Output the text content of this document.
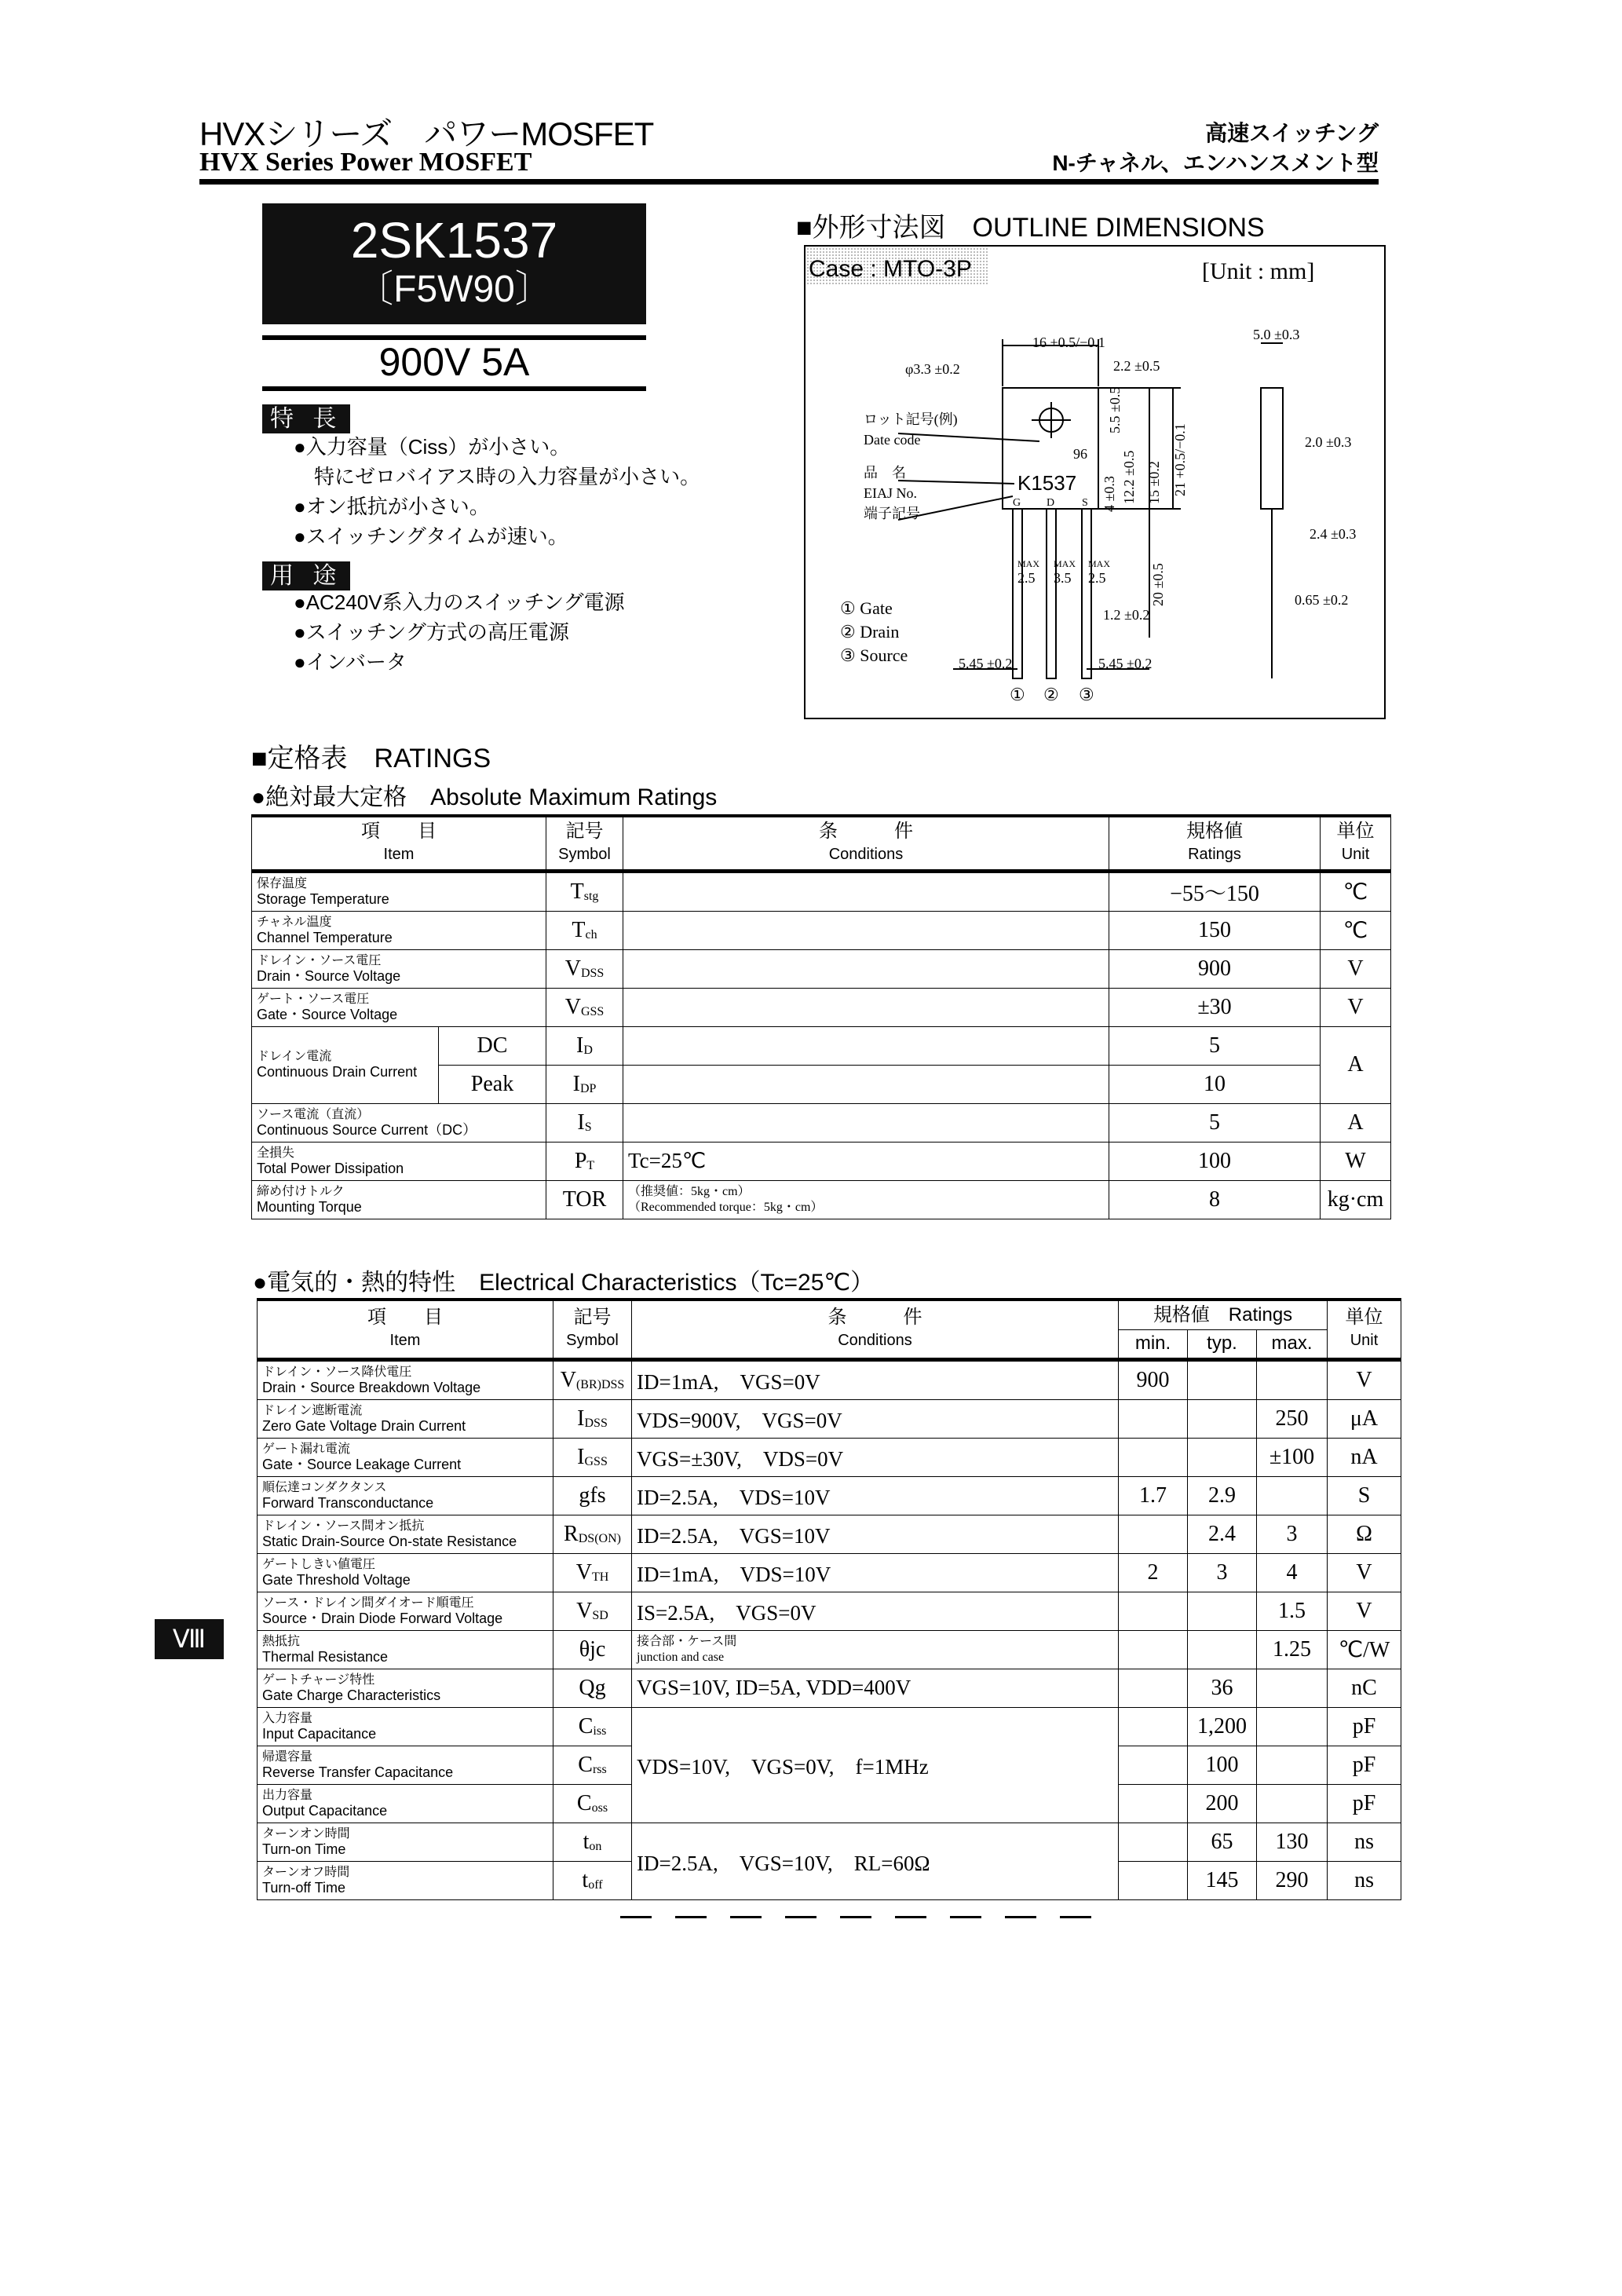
HVXシリーズ　パワーMOSFET
HVX Series Power MOSFET
高速スイッチング
N-チャネル、エンハンスメント型
2SK1537
〔F5W90〕
900V 5A
特 長
●入力容量（Ciss）が小さい。
　特にゼロバイアス時の入力容量が小さい。
●オン抵抗が小さい。
●スイッチングタイムが速い。
用 途
●AC240V系入力のスイッチング電源
●スイッチング方式の高圧電源
●インバータ
■外形寸法図　OUTLINE DIMENSIONS
Case : MTO-3P	[Unit : mm]
16 +0.5/−0.1
φ3.3 ±0.2	2.2 ±0.5
5.0 ±0.3
5.5 ±0.5
15 ±0.2 21 +0.5/−0.1
4 ±0.3 12.2 ±0.5
20 ±0.5
2.0 ±0.3
2.4 ±0.3
0.65 ±0.2
1.2 ±0.2
5.45 ±0.2	5.45 ±0.2
MAX MAX MAX
2.5 3.5 2.5
ロット記号(例)
Date code
96
品　名
EIAJ No.
端子記号
K1537
G D S
① Gate
② Drain
③ Source
① ② ③
■定格表　RATINGS
●絶対最大定格　Absolute Maximum Ratings
項　　目
Item		記号
Symbol	条　　　件
Conditions	規格値
Ratings	単位
Unit

保存温度
Storage Temperature		$T_{stg}$		−55〜150	℃

チャネル温度
Channel Temperature		$T_{ch}$		150	℃

ドレイン・ソース電圧
Drain・Source Voltage		$V_{DSS}$		900	V

ゲート・ソース電圧
Gate・Source Voltage		$V_{GSS}$		±30	V

ドレイン電流
Continuous Drain Current	DC	$I_D$		5	A
	Peak	$I_{DP}$		10	

ソース電流（直流）
Continuous Source Current（DC）		$I_S$		5	A

全損失
Total Power Dissipation		$P_T$	Tc=25℃	100	W

締め付けトルク
Mounting Torque		TOR	（推奨値：5kg・cm）
（Recommended torque：5kg・cm）	8	kg·cm
●電気的・熱的特性　Electrical Characteristics（Tc=25℃）
項　　目
Item	記号
Symbol	条　　　件
Conditions	規格値　Ratings			単位
Unit
			min.	typ.	max.	

ドレイン・ソース降伏電圧
Drain・Source Breakdown Voltage	$V_{(BR)DSS}$	ID=1mA,　VGS=0V	900			V

ドレイン遮断電流
Zero Gate Voltage Drain Current	$I_{DSS}$	VDS=900V,　VGS=0V			250	μA

ゲート漏れ電流
Gate・Source Leakage Current	$I_{GSS}$	VGS=±30V,　VDS=0V			±100	nA

順伝達コンダクタンス
Forward Transconductance	gfs	ID=2.5A,　VDS=10V	1.7	2.9		S

ドレイン・ソース間オン抵抗
Static Drain-Source On-state Resistance	$R_{DS(ON)}$	ID=2.5A,　VGS=10V		2.4	3	Ω

ゲートしきい値電圧
Gate Threshold Voltage	$V_{TH}$	ID=1mA,　VDS=10V	2	3	4	V

ソース・ドレイン間ダイオード順電圧
Source・Drain Diode Forward Voltage	$V_{SD}$	IS=2.5A,　VGS=0V			1.5	V

熱抵抗
Thermal Resistance	θjc	接合部・ケース間
junction and case			1.25	℃/W

ゲートチャージ特性
Gate Charge Characteristics	Qg	VGS=10V, ID=5A, VDD=400V		36		nC

入力容量
Input Capacitance	$C_{iss}$	VDS=10V,　VGS=0V,　f=1MHz		1,200		pF

帰還容量
Reverse Transfer Capacitance	$C_{rss}$			100		pF

出力容量
Output Capacitance	$C_{oss}$			200		pF

ターンオン時間
Turn-on Time	$t_{on}$	ID=2.5A,　VGS=10V,　RL=60Ω		65	130	ns

ターンオフ時間
Turn-off Time	$t_{off}$			145	290	ns
Ⅷ
